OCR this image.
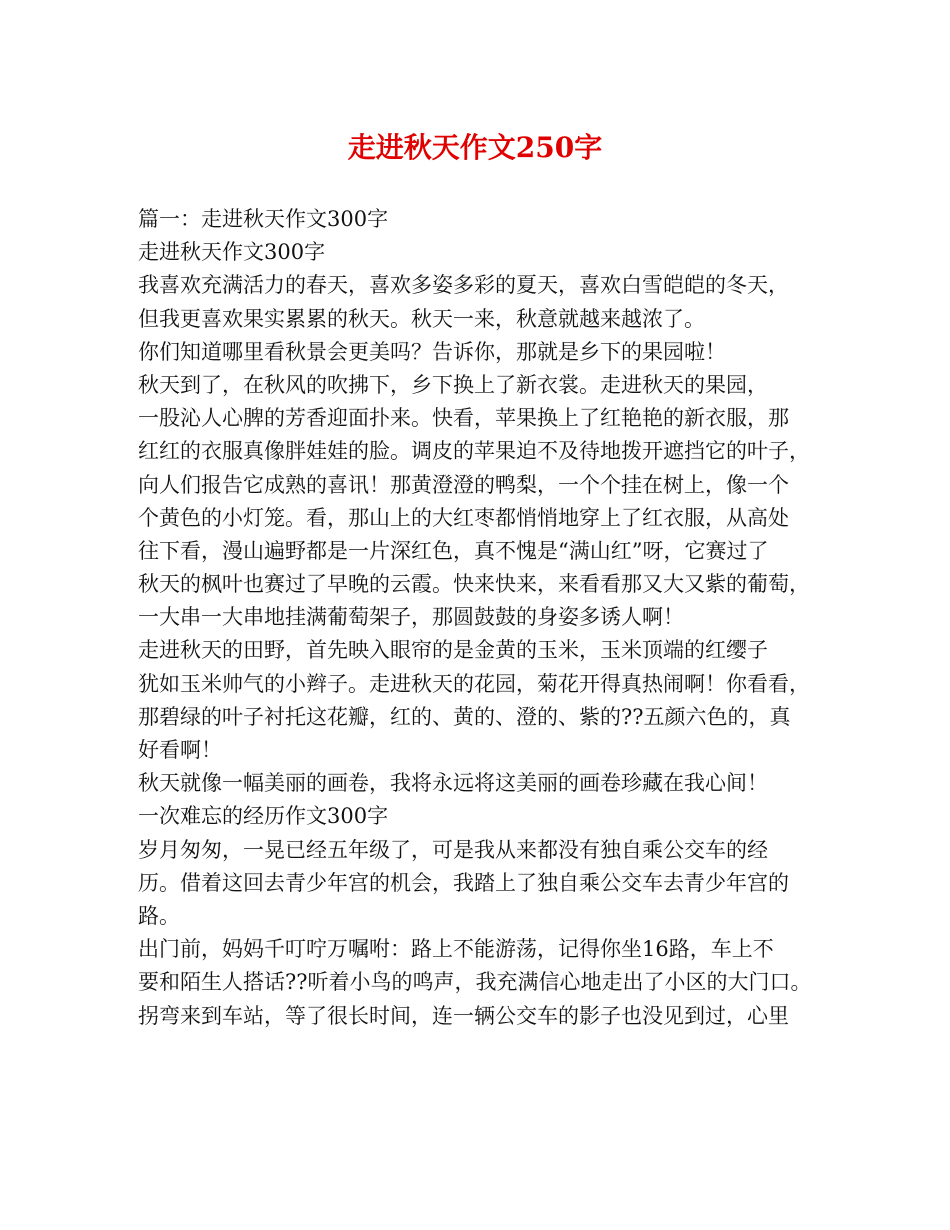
走进秋天作文250字
篇一：走进秋天作文300字
走进秋天作文300字
我喜欢充满活力的春天，喜欢多姿多彩的夏天，喜欢白雪皑皑的冬天，
但我更喜欢果实累累的秋天。秋天一来，秋意就越来越浓了。
你们知道哪里看秋景会更美吗？告诉你，那就是乡下的果园啦！
秋天到了，在秋风的吹拂下，乡下换上了新衣裳。走进秋天的果园，
一股沁人心脾的芳香迎面扑来。快看，苹果换上了红艳艳的新衣服，那
红红的衣服真像胖娃娃的脸。调皮的苹果迫不及待地拨开遮挡它的叶子，
向人们报告它成熟的喜讯！那黄澄澄的鸭梨，一个个挂在树上，像一个
个黄色的小灯笼。看，那山上的大红枣都悄悄地穿上了红衣服，从高处
往下看，漫山遍野都是一片深红色，真不愧是“满山红”呀，它赛过了
秋天的枫叶也赛过了早晚的云霞。快来快来，来看看那又大又紫的葡萄，
一大串一大串地挂满葡萄架子，那圆鼓鼓的身姿多诱人啊！
走进秋天的田野，首先映入眼帘的是金黄的玉米，玉米顶端的红缨子
犹如玉米帅气的小辫子。走进秋天的花园，菊花开得真热闹啊！你看看，
那碧绿的叶子衬托这花瓣，红的、黄的、澄的、紫的??五颜六色的，真
好看啊！
秋天就像一幅美丽的画卷，我将永远将这美丽的画卷珍藏在我心间！
一次难忘的经历作文300字
岁月匆匆，一晃已经五年级了，可是我从来都没有独自乘公交车的经
历。借着这回去青少年宫的机会，我踏上了独自乘公交车去青少年宫的
路。
出门前，妈妈千叮咛万嘱咐：路上不能游荡，记得你坐16路，车上不
要和陌生人搭话??听着小鸟的鸣声，我充满信心地走出了小区的大门口。
拐弯来到车站，等了很长时间，连一辆公交车的影子也没见到过，心里
